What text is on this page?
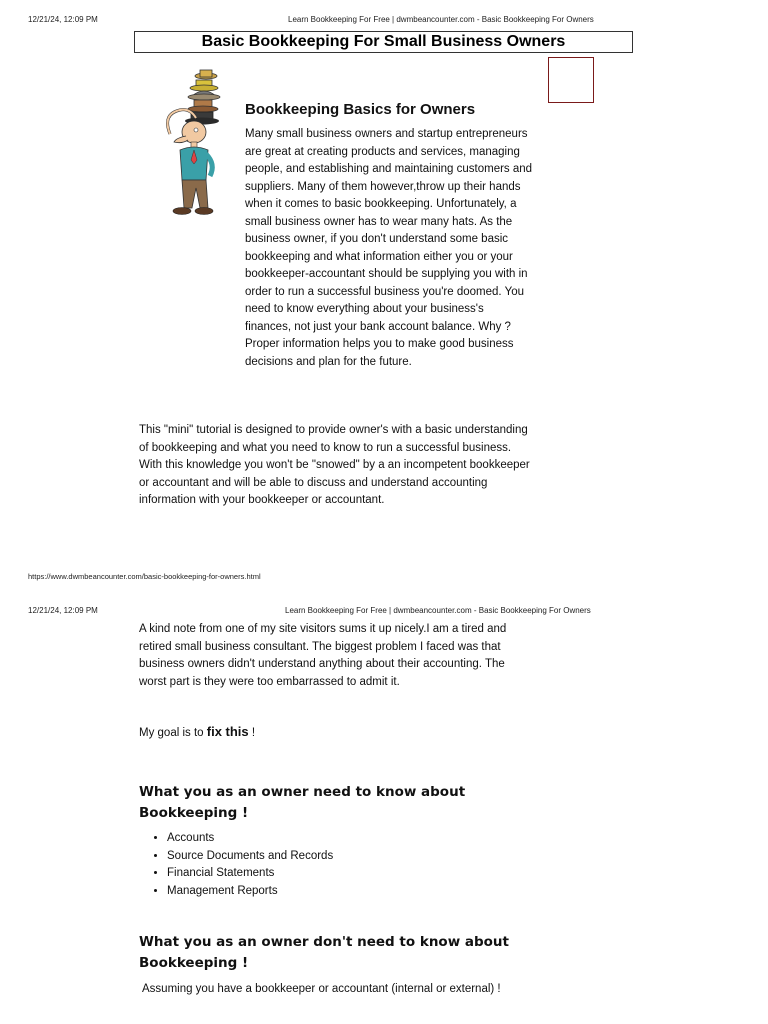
12/21/24, 12:09 PM	Learn Bookkeeping For Free | dwmbeancounter.com - Basic Bookkeeping For Owners
Basic Bookkeeping For Small Business Owners
Bookkeeping Basics for Owners
Many small business owners and startup entrepreneurs
are great at creating products and services, managing
people, and establishing and maintaining customers and
suppliers. Many of them however,throw up their hands
when it comes to basic bookkeeping. Unfortunately, a
small business owner has to wear many hats. As the
business owner, if you don't understand some basic
bookkeeping and what information either you or your
bookkeeper-accountant should be supplying you with in
order to run a successful business you're doomed. You
need to know everything about your business's
finances, not just your bank account balance. Why ?
Proper information helps you to make good business
decisions and plan for the future.
This "mini" tutorial is designed to provide owner's with a basic understanding
of bookkeeping and what you need to know to run a successful business.
With this knowledge you won't be "snowed" by a an incompetent bookkeeper
or accountant and will be able to discuss and understand accounting
information with your bookkeeper or accountant.
https://www.dwmbeancounter.com/basic-bookkeeping-for-owners.html
12/21/24, 12:09 PM	Learn Bookkeeping For Free | dwmbeancounter.com - Basic Bookkeeping For Owners
A kind note from one of my site visitors sums it up nicely.I am a tired and
retired small business consultant. The biggest problem I faced was that
business owners didn't understand anything about their accounting. The
worst part is they were too embarrassed to admit it.
My goal is to fix this !
What you as an owner need to know about
Bookkeeping !
• Accounts
• Source Documents and Records
• Financial Statements
• Management Reports
What you as an owner don't need to know about
Bookkeeping !
Assuming you have a bookkeeper or accountant (internal or external) !
